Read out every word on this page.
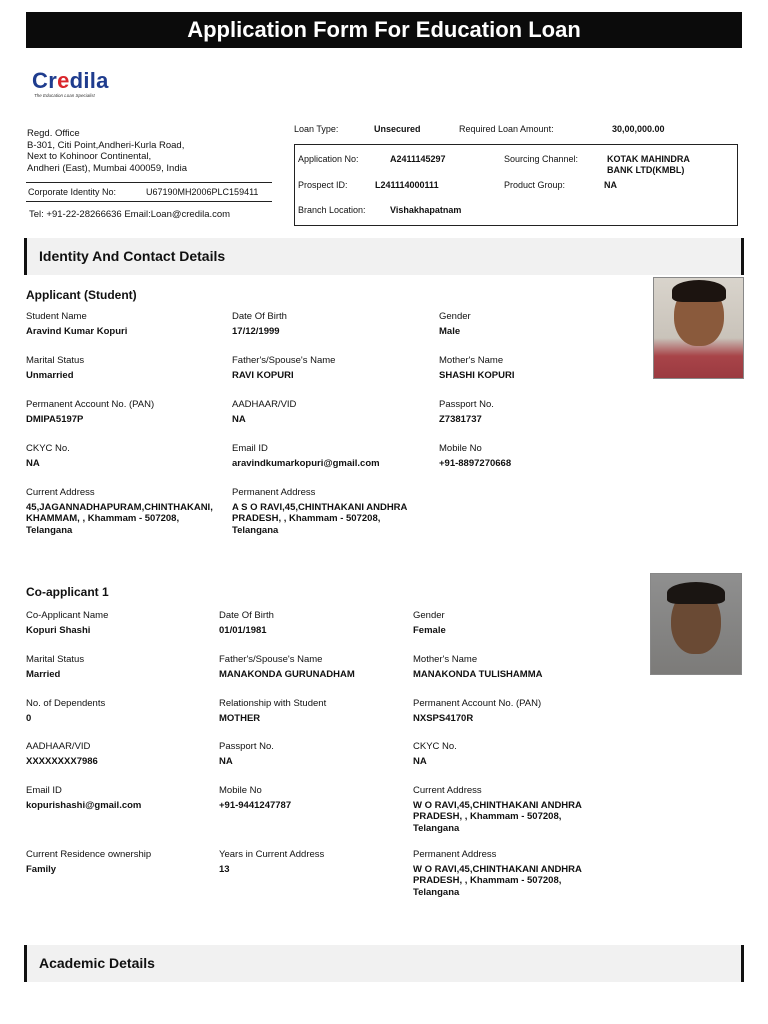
Application Form For Education Loan
Credila
The Education Loan Specialist
Regd. Office
B-301, Citi Point,Andheri-Kurla Road,
Next to Kohinoor Continental,
Andheri (East), Mumbai 400059, India
Corporate Identity No:	U67190MH2006PLC159411
Tel: +91-22-28266636 Email:Loan@credila.com
Loan Type:	Unsecured	Required Loan Amount:	30,00,000.00
Application No:	A2411145297	Sourcing Channel:	KOTAK MAHINDRA
BANK LTD(KMBL)
Prospect ID:	L241114000111	Product Group:	NA
Branch Location:	Vishakhapatnam
Identity And Contact Details
Applicant (Student)
Student Name
Aravind Kumar Kopuri
Date Of Birth
17/12/1999
Gender
Male
Marital Status
Unmarried
Father's/Spouse's Name
RAVI KOPURI
Mother's Name
SHASHI KOPURI
Permanent Account No. (PAN)
DMIPA5197P
AADHAAR/VID
NA
Passport No.
Z7381737
CKYC No.
NA
Email ID
aravindkumarkopuri@gmail.com
Mobile No
+91-8897270668
Current Address
45,JAGANNADHAPURAM,CHINTHAKANI,
KHAMMAM, , Khammam - 507208,
Telangana
Permanent Address
A S O RAVI,45,CHINTHAKANI ANDHRA
PRADESH, , Khammam - 507208,
Telangana
Co-applicant 1
Co-Applicant Name
Kopuri Shashi
Date Of Birth
01/01/1981
Gender
Female
Marital Status
Married
Father's/Spouse's Name
MANAKONDA GURUNADHAM
Mother's Name
MANAKONDA TULISHAMMA
No. of Dependents
0
Relationship with Student
MOTHER
Permanent Account No. (PAN)
NXSPS4170R
AADHAAR/VID
XXXXXXXX7986
Passport No.
NA
CKYC No.
NA
Email ID
kopurishashi@gmail.com
Mobile No
+91-9441247787
Current Address
W O RAVI,45,CHINTHAKANI ANDHRA
PRADESH, , Khammam - 507208,
Telangana
Current Residence ownership
Family
Years in Current Address
13
Permanent Address
W O RAVI,45,CHINTHAKANI ANDHRA
PRADESH, , Khammam - 507208,
Telangana
Academic Details
